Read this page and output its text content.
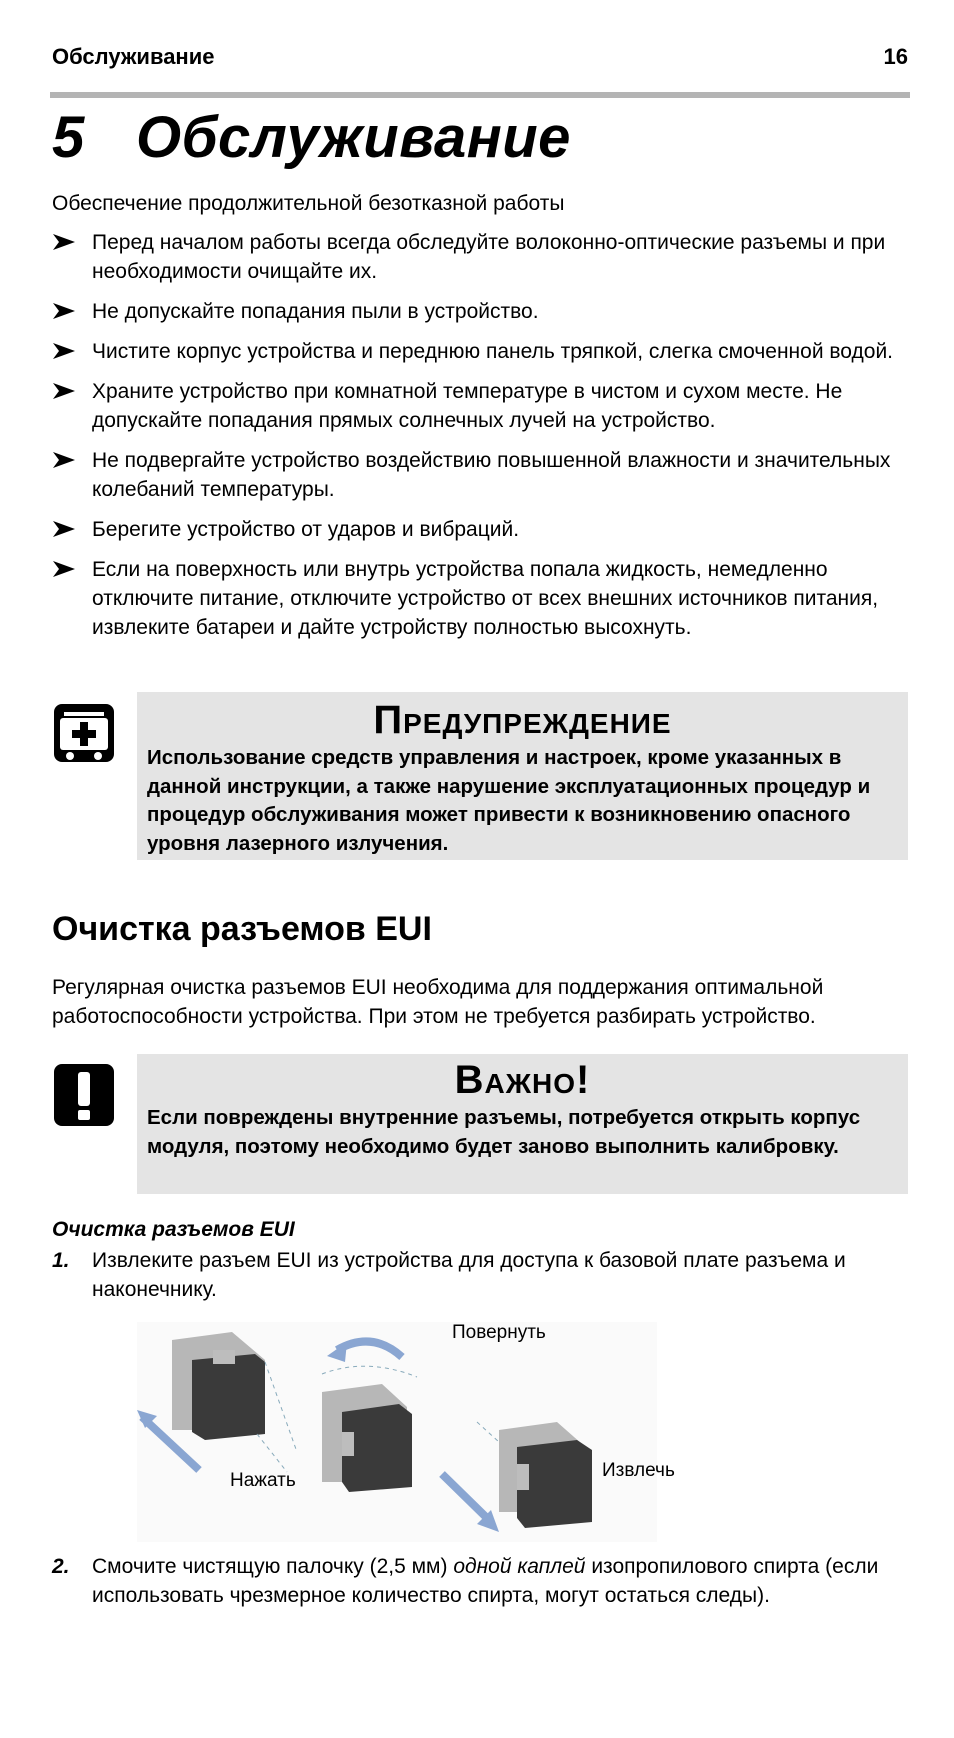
Обслуживание	16
5 Обслуживание
Обеспечение продолжительной безотказной работы
Перед началом работы всегда обследуйте волоконно-оптические разъемы и при необходимости очищайте их.
Не допускайте попадания пыли в устройство.
Чистите корпус устройства и переднюю панель тряпкой, слегка смоченной водой.
Храните устройство при комнатной температуре в чистом и сухом месте. Не допускайте попадания прямых солнечных лучей на устройство.
Не подвергайте устройство воздействию повышенной влажности и значительных колебаний температуры.
Берегите устройство от ударов и вибраций.
Если на поверхность или внутрь устройства попала жидкость, немедленно отключите питание, отключите устройство от всех внешних источников питания, извлеките батареи и дайте устройству полностью высохнуть.
Предупреждение
Использование средств управления и настроек, кроме указанных в данной инструкции, а также нарушение эксплуатационных процедур и процедур обслуживания может привести к возникновению опасного уровня лазерного излучения.
Очистка разъемов EUI
Регулярная очистка разъемов EUI необходима для поддержания оптимальной работоспособности устройства. При этом не требуется разбирать устройство.
Важно!
Если повреждены внутренние разъемы, потребуется открыть корпус модуля, поэтому необходимо будет заново выполнить калибровку.
Очистка разъемов EUI
1.	Извлеките разъем EUI из устройства для доступа к базовой плате разъема и наконечнику.
Повернуть
Нажать	Извлечь
2.	Смочите чистящую палочку (2,5 мм) одной каплей изопропилового спирта (если использовать чрезмерное количество спирта, могут остаться следы).
